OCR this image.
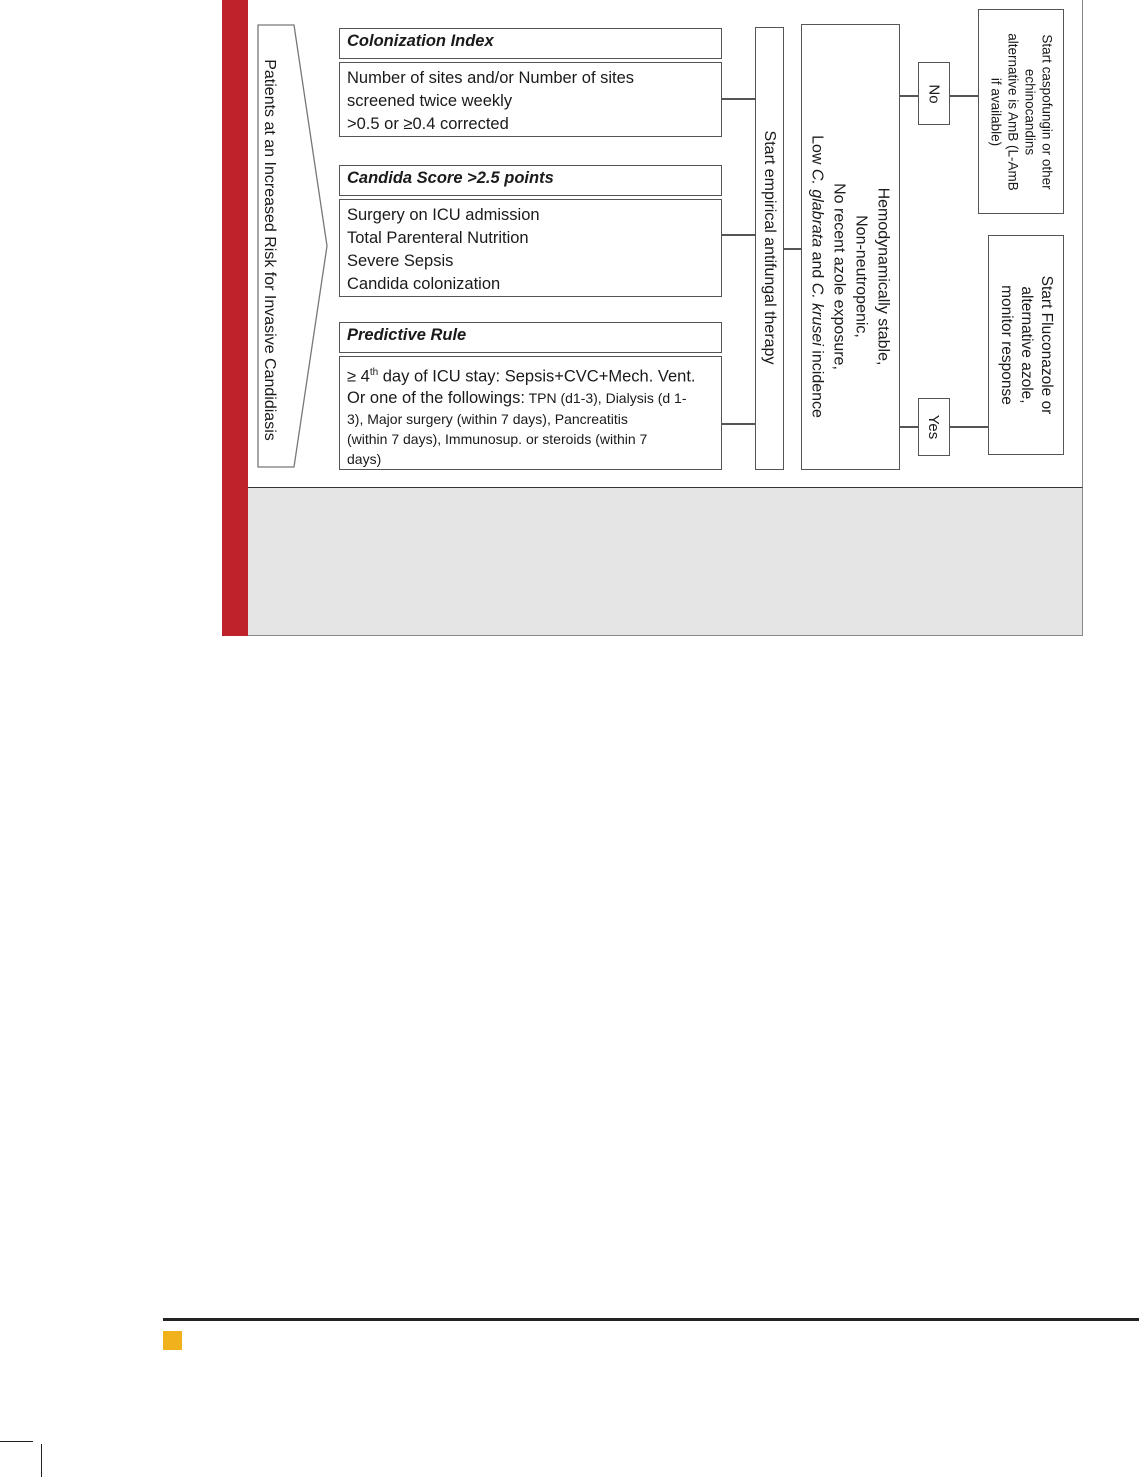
Patients at an Increased Risk for Invasive Candidiasis
Colonization Index
Number of sites and/or Number of sites
screened twice weekly
>0.5 or ≥0.4 corrected
Candida Score >2.5 points
Surgery on ICU admission
Total Parenteral Nutrition
Severe Sepsis
Candida colonization
Predictive Rule
≥ 4th day of ICU stay: Sepsis+CVC+Mech. Vent.
Or one of the followings: TPN (d1-3), Dialysis (d 1-
3), Major surgery (within 7 days), Pancreatitis
(within 7 days), Immunosup. or steroids (within 7
days)
Start empirical antifungal therapy	Hemodynamically stable,
Non-neutropenic,
No recent azole exposure,
Low C. glabrata and C. krusei incidence
No
Yes
Start caspofungin or other
echinocandins
alternative is AmB (L-AmB
if available)
Start Fluconazole or
alternative azole,
monitor response
